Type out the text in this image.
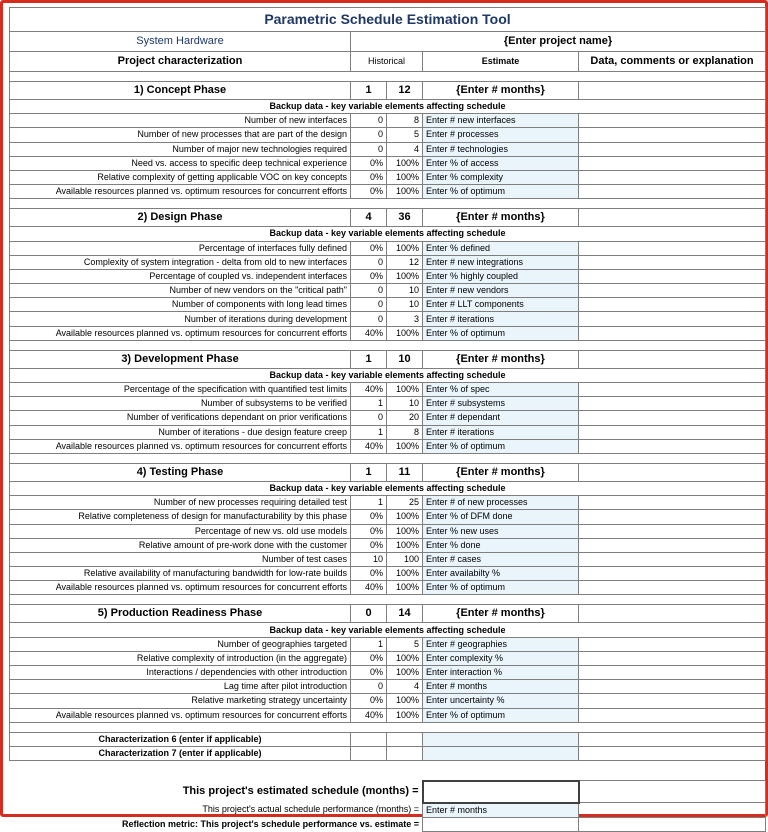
Parametric Schedule Estimation Tool				
System Hardware	{Enter project name}			
Project characterization	Historical		Estimate	Data, comments or explanation

1) Concept Phase	1	12	{Enter # months}	
Backup data - key variable elements affecting schedule				
Number of new interfaces	0	8	Enter # new interfaces	
Number of new processes that are part of the design	0	5	Enter # processes	
Number of major new technologies required	0	4	Enter # technologies	
Need vs. access to specific deep technical experience	0%	100%	Enter % of access	
Relative complexity of getting applicable VOC on key concepts	0%	100%	Enter % complexity	
Available resources planned vs. optimum resources for concurrent efforts	0%	100%	Enter % of optimum	

2) Design Phase	4	36	{Enter # months}	
Backup data - key variable elements affecting schedule				
Percentage of interfaces fully defined	0%	100%	Enter % defined	
Complexity of system integration - delta from old to new interfaces	0	12	Enter # new integrations	
Percentage of coupled vs. independent interfaces	0%	100%	Enter % highly coupled	
Number of new vendors on the "critical path"	0	10	Enter # new vendors	
Number of components with long lead times	0	10	Enter # LLT components	
Number of iterations during development	0	3	Enter # iterations	
Available resources planned vs. optimum resources for concurrent efforts	40%	100%	Enter % of optimum	

3) Development Phase	1	10	{Enter # months}	
Backup data - key variable elements affecting schedule				
Percentage of the specification with quantified test limits	40%	100%	Enter % of spec	
Number of subsystems to be verified	1	10	Enter # subsystems	
Number of verifications dependant on prior verifications	0	20	Enter # dependant	
Number of iterations - due design feature creep	1	8	Enter # iterations	
Available resources planned vs. optimum resources for concurrent efforts	40%	100%	Enter % of optimum	

4) Testing Phase	1	11	{Enter # months}	
Backup data - key variable elements affecting schedule				
Number of new processes requiring detailed test	1	25	Enter # of new processes	
Relative completeness of design for manufacturability by this phase	0%	100%	Enter % of DFM done	
Percentage of new vs. old use models	0%	100%	Enter % new uses	
Relative amount of pre-work done with the customer	0%	100%	Enter % done	
Number of test cases	10	100	Enter # cases	
Relative availability of manufacturing bandwidth for low-rate builds	0%	100%	Enter availabilty %	
Available resources planned vs. optimum resources for concurrent efforts	40%	100%	Enter % of optimum	

5) Production Readiness Phase	0	14	{Enter # months}	
Backup data - key variable elements affecting schedule				
Number of geographies targeted	1	5	Enter # geographies	
Relative complexity of introduction (in the aggregate)	0%	100%	Enter complexity %	
Interactions / dependencies with other introduction	0%	100%	Enter interaction %	
Lag time after pilot introduction	0	4	Enter # months	
Relative marketing strategy uncertainty	0%	100%	Enter uncertainty %	
Available resources planned vs. optimum resources for concurrent efforts	40%	100%	Enter % of optimum	

Characterization 6 (enter if applicable)				
Characterization 7 (enter if applicable)				

This project's estimated schedule (months) =				
This project's actual schedule performance (months) =			Enter # months	
Reflection metric: This project's schedule performance vs. estimate =				
